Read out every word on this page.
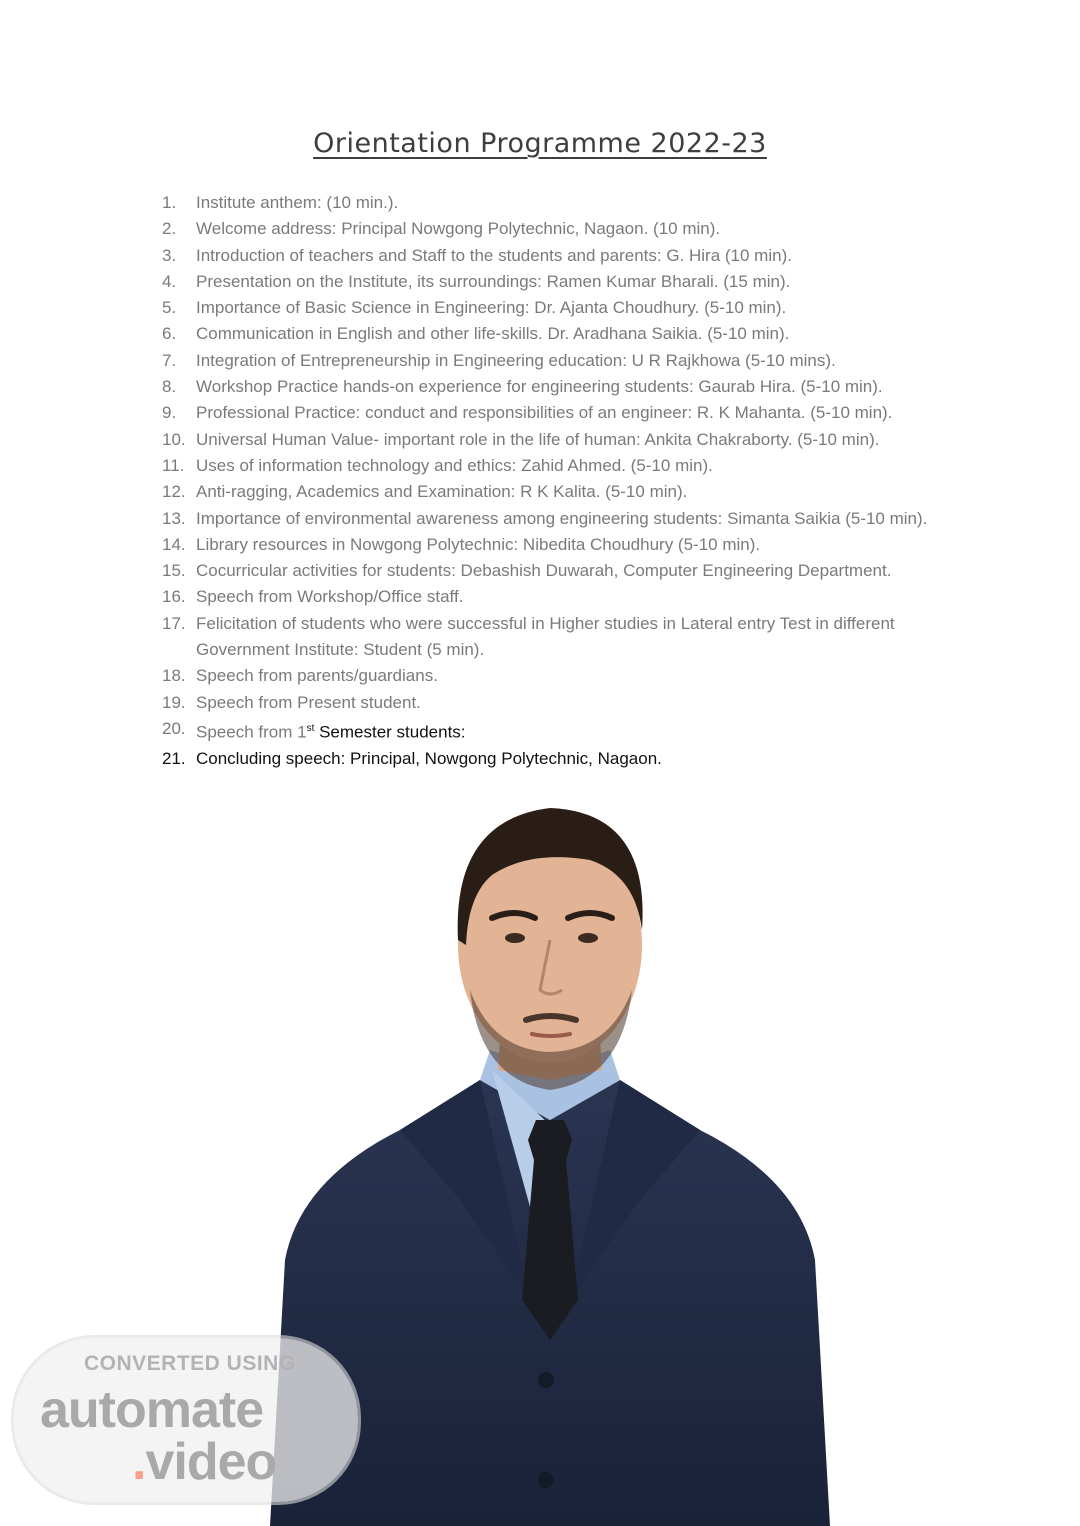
Orientation Programme 2022-23
1. Institute anthem: (10 min.).
2. Welcome address: Principal Nowgong Polytechnic, Nagaon. (10 min).
3. Introduction of teachers and Staff to the students and parents: G. Hira (10 min).
4. Presentation on the Institute, its surroundings: Ramen Kumar Bharali. (15 min).
5. Importance of Basic Science in Engineering: Dr. Ajanta Choudhury. (5-10 min).
6. Communication in English and other life-skills. Dr. Aradhana Saikia. (5-10 min).
7. Integration of Entrepreneurship in Engineering education: U R Rajkhowa (5-10 mins).
8. Workshop Practice hands-on experience for engineering students: Gaurab Hira. (5-10 min).
9. Professional Practice: conduct and responsibilities of an engineer: R. K Mahanta. (5-10 min).
10. Universal Human Value- important role in the life of human: Ankita Chakraborty. (5-10 min).
11. Uses of information technology and ethics: Zahid Ahmed. (5-10 min).
12. Anti-ragging, Academics and Examination: R K Kalita. (5-10 min).
13. Importance of environmental awareness among engineering students: Simanta Saikia (5-10 min).
14. Library resources in Nowgong Polytechnic: Nibedita Choudhury (5-10 min).
15. Cocurricular activities for students: Debashish Duwarah, Computer Engineering Department.
16. Speech from Workshop/Office staff.
17. Felicitation of students who were successful in Higher studies in Lateral entry Test in different Government Institute: Student (5 min).
18. Speech from parents/guardians.
19. Speech from Present student.
20. Speech from 1st Semester students:
21. Concluding speech: Principal, Nowgong Polytechnic, Nagaon.
CONVERTED USING
automate
.video
